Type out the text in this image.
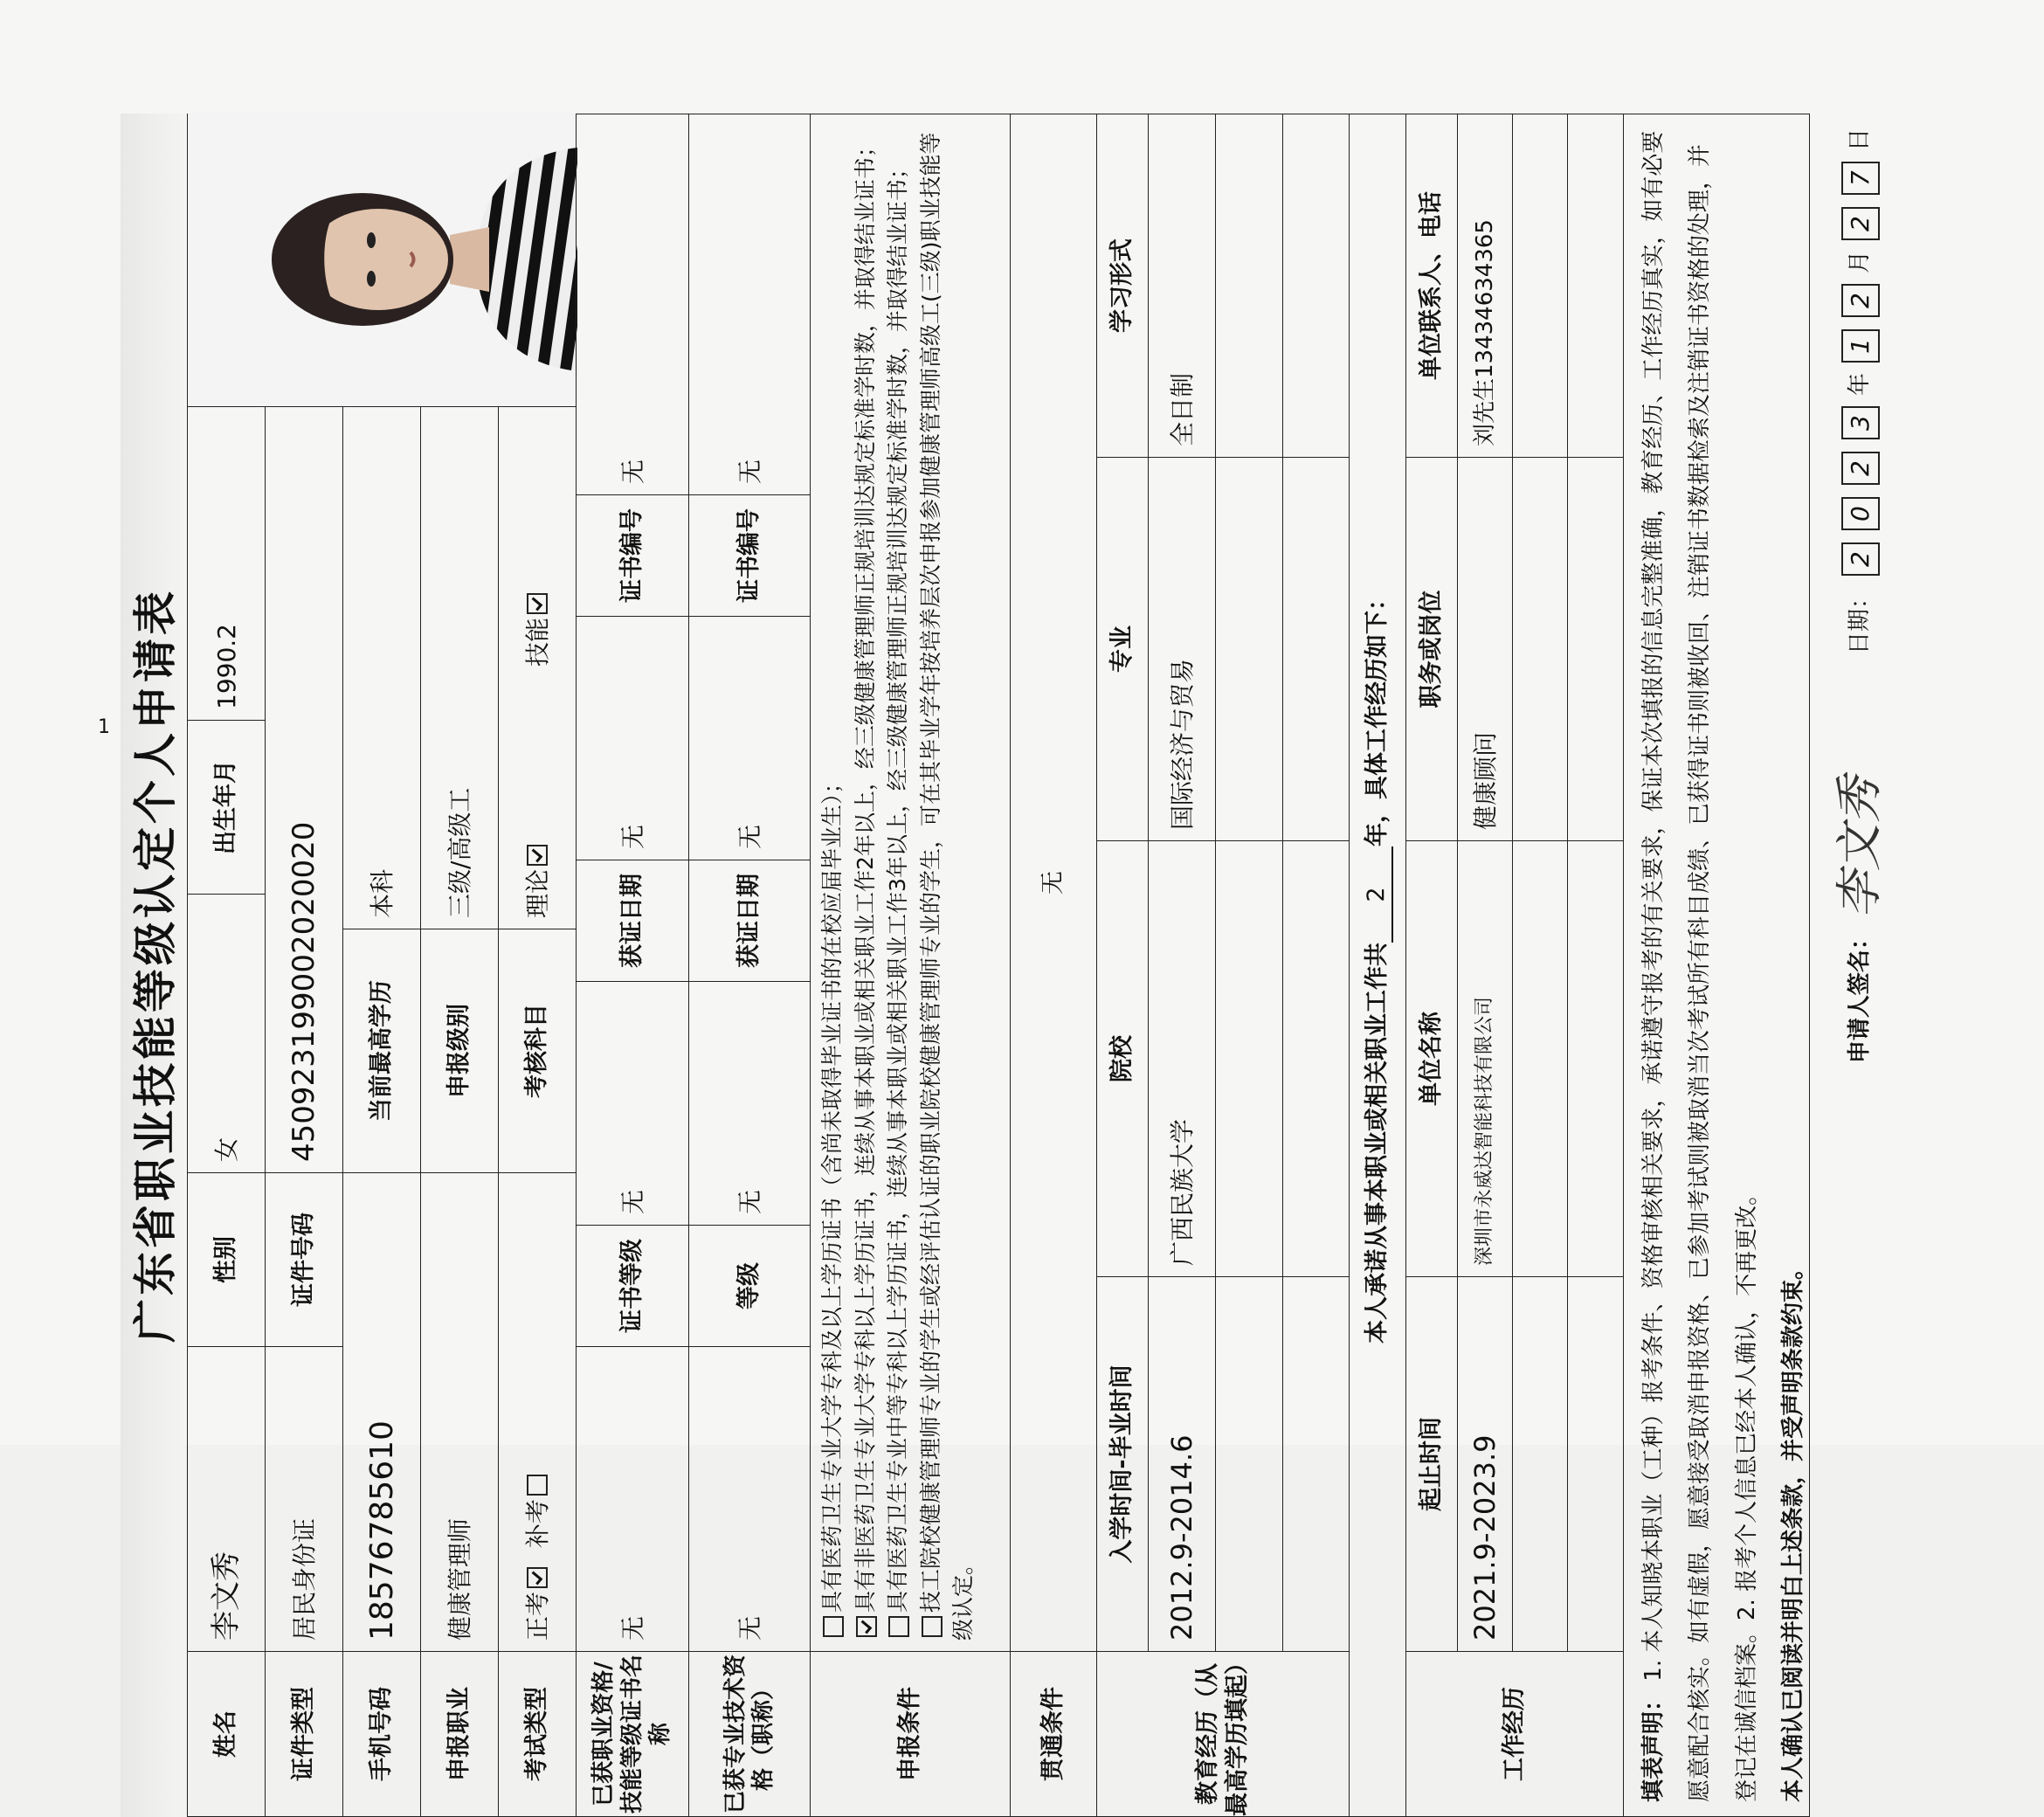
1 广东省职业技能等级认定个人申请表
姓名
李文秀
性别
女
出生年月
1990.2
证件类型
居民身份证
证件号码
450923199002020020
手机号码
18576785610
当前最高学历
本科
申报职业
健康管理师
申报级别
三级/高级工
考试类型
正考

补考
考核科目
理论
技能
已获职业资格/技能等级证书名称
无
证书等级
无
获证日期
无
证书编号
无
已获专业技术资格（职称）
无
等级
无
获证日期
无
证书编号
无
申报条件
具有医药卫生专业大学专科及以上学历证书（含尚未取得毕业证书的在校应届毕业生）； 具有非医药卫生专业大学专科以上学历证书，连续从事本职业或相关职业工作2年以上，经三级健康管理师正规培训达规定标准学时数，并取得结业证书； 具有医药卫生专业中等专科以上学历证书，连续从事本职业或相关职业工作3年以上，经三级健康管理师正规培训达规定标准学时数，并取得结业证书； 技工院校健康管理师专业的学生或经评估认证的职业院校健康管理师专业的学生，可在其毕业学年按培养层次申报参加健康管理师高级工(三级)职业技能等级认定。
贯通条件
无
教育经历（从最高学历填起）
入学时间-毕业时间
院校
专业
学习形式
2012.9-2014.6
广西民族大学
国际经济与贸易
全日制
本人承诺从事本职业或相关职业工作共
2
年，具体工作经历如下：
工作经历
起止时间
单位名称
职务或岗位
单位联系人、电话
2021.9-2023.9
深圳市永威达智能科技有限公司
健康顾问
刘先生13434634365
填表声明： 1. 本人知晓本职业（工种）报考条件、资格审核相关要求，承诺遵守报考的有关要求，保证本次填报的信息完整准确，教育经历、工作经历真实，如有必要愿意配合核实。如有虚假，愿意接受取消申报资格、已参加考试则被取消当次考试所有科目成绩、已获得证书则被收回、注销证书数据检索及注销证书资格的处理，并登记在诚信档案。2. 报考个人信息已经本人确认，不再更改。 本人确认已阅读并明白上述条款，并受声明条款约束。
申请人签名：
李文秀
日期：
2
0
2
3
年
1
2
月
2
7
日
